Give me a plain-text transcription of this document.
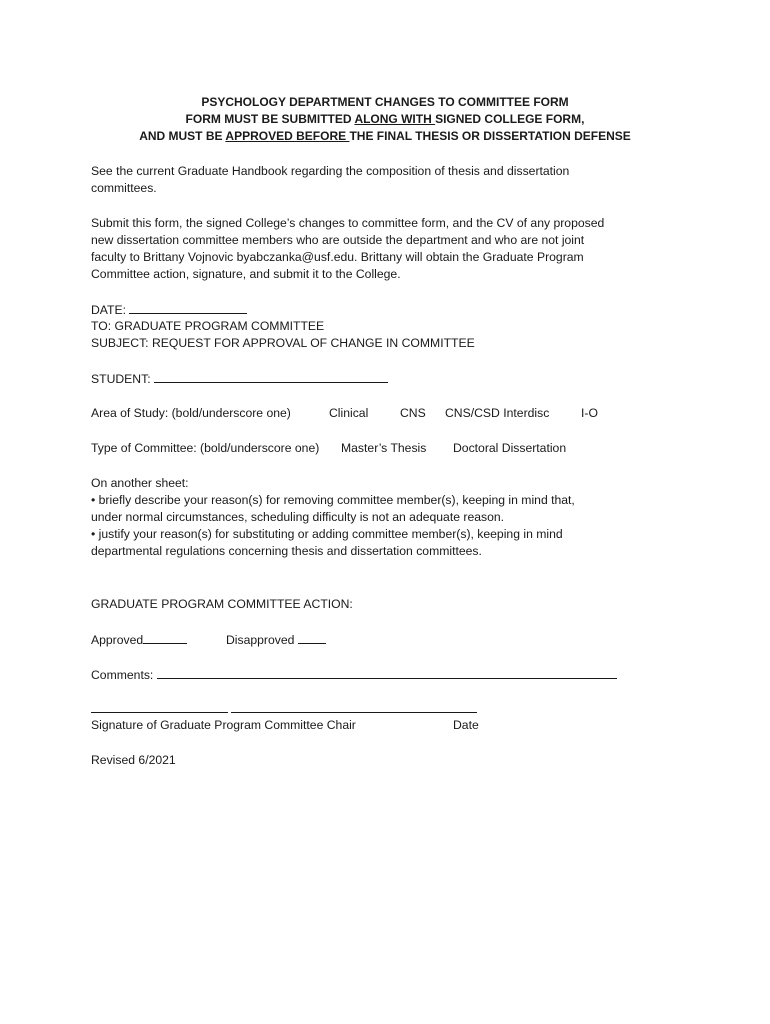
PSYCHOLOGY DEPARTMENT CHANGES TO COMMITTEE FORM
FORM MUST BE SUBMITTED ALONG WITH SIGNED COLLEGE FORM,
AND MUST BE APPROVED BEFORE THE FINAL THESIS OR DISSERTATION DEFENSE
See the current Graduate Handbook regarding the composition of thesis and dissertation
committees.
Submit this form, the signed College’s changes to committee form, and the CV of any proposed
new dissertation committee members who are outside the department and who are not joint
faculty to Brittany Vojnovic byabczanka@usf.edu. Brittany will obtain the Graduate Program
Committee action, signature, and submit it to the College.
DATE:
TO: GRADUATE PROGRAM COMMITTEE
SUBJECT: REQUEST FOR APPROVAL OF CHANGE IN COMMITTEE
STUDENT:
Area of Study: (bold/underscore one)	Clinical	CNS CNS/CSD Interdisc	I-O
Type of Committee: (bold/underscore one) Master’s Thesis Doctoral Dissertation
On another sheet:
• briefly describe your reason(s) for removing committee member(s), keeping in mind that,
under normal circumstances, scheduling difficulty is not an adequate reason.
• justify your reason(s) for substituting or adding committee member(s), keeping in mind
departmental regulations concerning thesis and dissertation committees.
GRADUATE PROGRAM COMMITTEE ACTION:
Approved	Disapproved
Comments:

Signature of Graduate Program Committee Chair	Date
Revised 6/2021
